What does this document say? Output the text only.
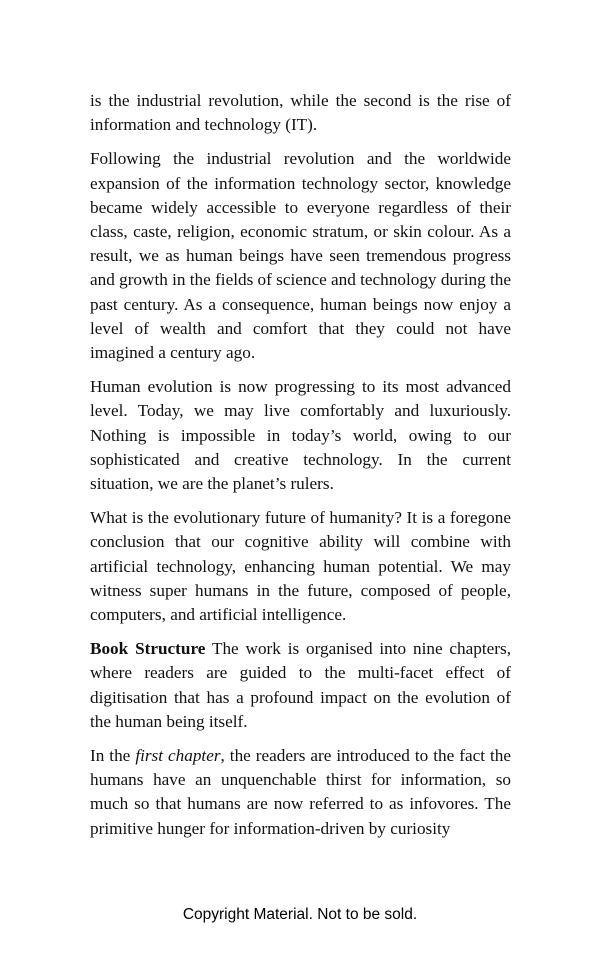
is the industrial revolution, while the second is the rise of information and technology (IT).

Following the industrial revolution and the worldwide expansion of the information technology sector, knowledge became widely accessible to everyone regardless of their class, caste, religion, economic stratum, or skin colour. As a result, we as human beings have seen tremendous progress and growth in the fields of science and technology during the past century. As a consequence, human beings now enjoy a level of wealth and comfort that they could not have imagined a century ago.

Human evolution is now progressing to its most advanced level. Today, we may live comfortably and luxuriously. Nothing is impossible in today’s world, owing to our sophisticated and creative technology. In the current situation, we are the planet’s rulers.

What is the evolutionary future of humanity? It is a foregone conclusion that our cognitive ability will combine with artificial technology, enhancing human potential. We may witness super humans in the future, composed of people, computers, and artificial intelligence.

Book Structure The work is organised into nine chapters, where readers are guided to the multi-facet effect of digitisation that has a profound impact on the evolution of the human being itself.

In the first chapter, the readers are introduced to the fact the humans have an unquenchable thirst for information, so much so that humans are now referred to as infovores. The primitive hunger for information-driven by curiosity

Copyright Material. Not to be sold.
